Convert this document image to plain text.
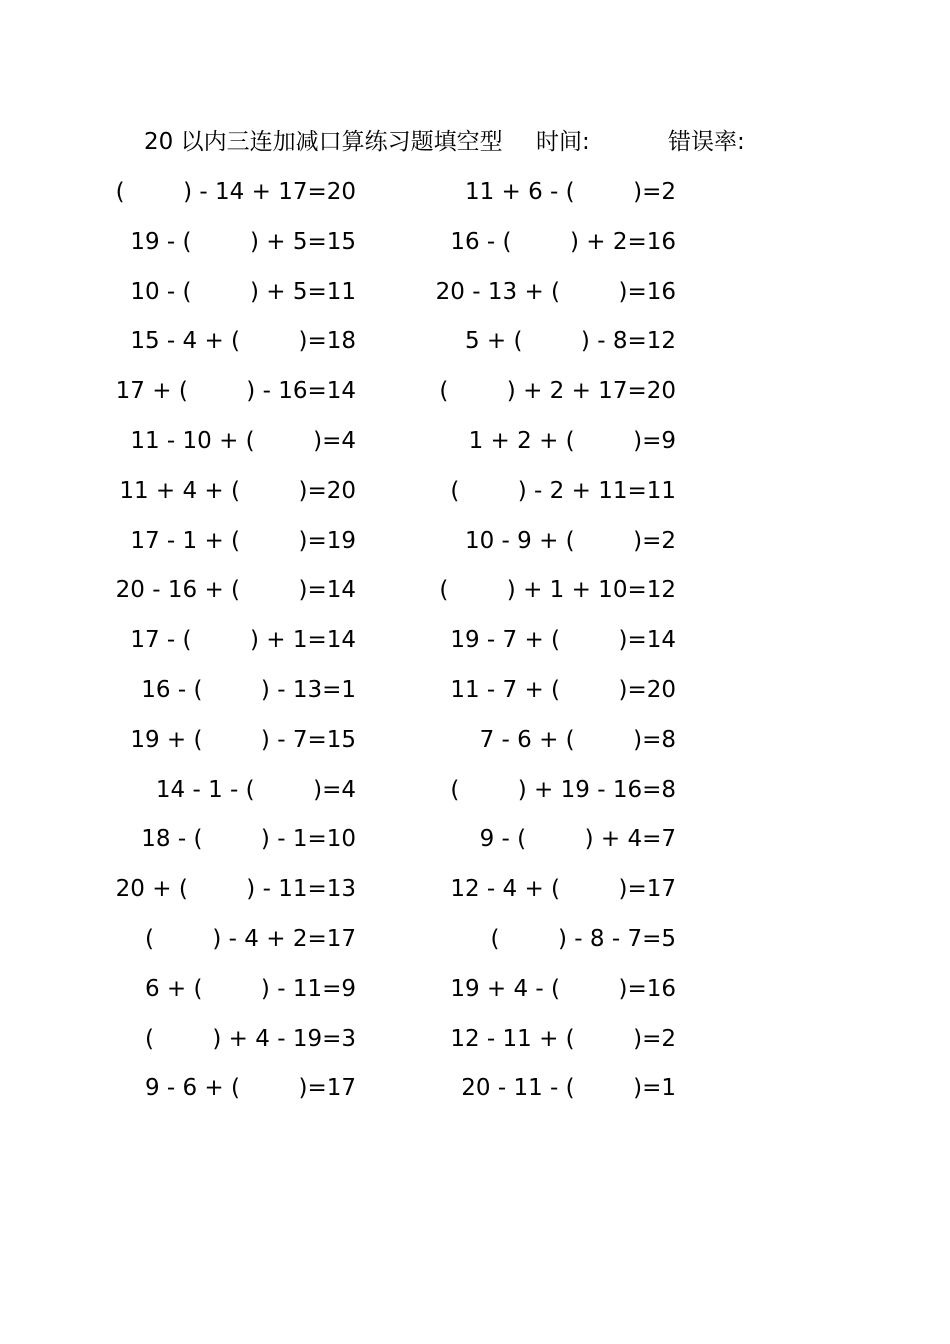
20 以内三连加减口算练习题填空型 时间:	错误率:
(        ) - 14 + 17=20	11 + 6 - (        )=2
19 - (        ) + 5=15	16 - (        ) + 2=16
10 - (        ) + 5=11	20 - 13 + (        )=16
15 - 4 + (        )=18	5 + (        ) - 8=12
17 + (        ) - 16=14	(        ) + 2 + 17=20
11 - 10 + (        )=4	1 + 2 + (        )=9
11 + 4 + (        )=20	(        ) - 2 + 11=11
17 - 1 + (        )=19	10 - 9 + (        )=2
20 - 16 + (        )=14	(        ) + 1 + 10=12
17 - (        ) + 1=14	19 - 7 + (        )=14
16 - (        ) - 13=1	11 - 7 + (        )=20
19 + (        ) - 7=15	7 - 6 + (        )=8
14 - 1 - (        )=4	(        ) + 19 - 16=8
18 - (        ) - 1=10	9 - (        ) + 4=7
20 + (        ) - 11=13	12 - 4 + (        )=17
(        ) - 4 + 2=17	(        ) - 8 - 7=5
6 + (        ) - 11=9	19 + 4 - (        )=16
(        ) + 4 - 19=3	12 - 11 + (        )=2
9 - 6 + (        )=17	20 - 11 - (        )=1
